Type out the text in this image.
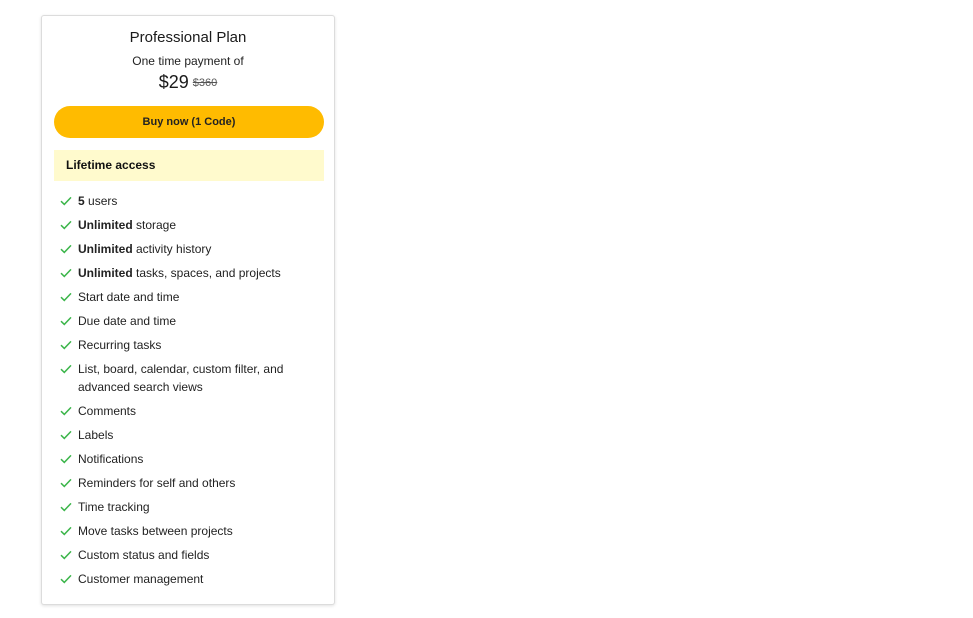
Professional Plan
One time payment of
$29 $360
Buy now (1 Code)
Lifetime access
5 users
Unlimited storage
Unlimited activity history
Unlimited tasks, spaces, and projects
Start date and time
Due date and time
Recurring tasks
List, board, calendar, custom filter, and advanced search views
Comments
Labels
Notifications
Reminders for self and others
Time tracking
Move tasks between projects
Custom status and fields
Customer management
